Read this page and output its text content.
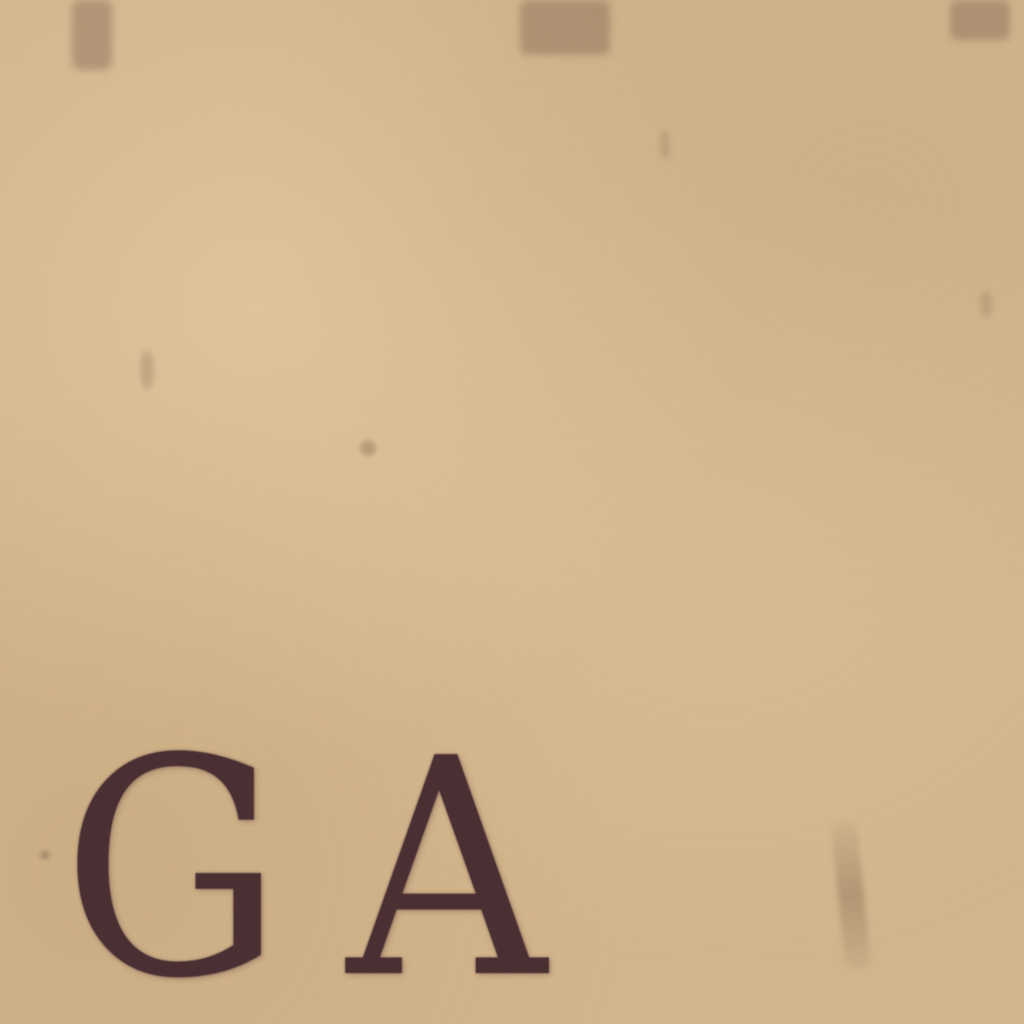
GA
